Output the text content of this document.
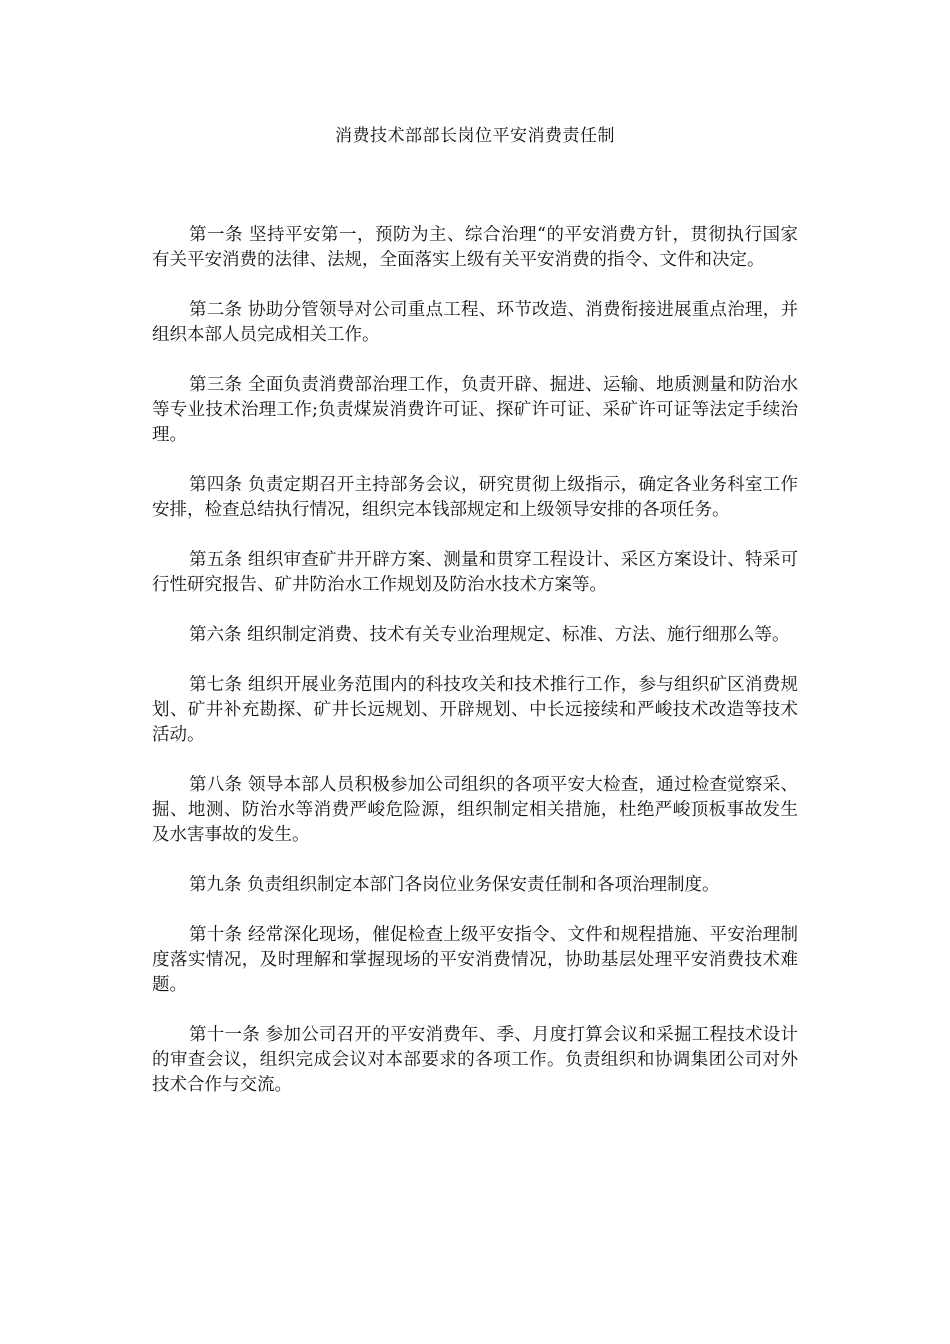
消费技术部部长岗位平安消费责任制

第一条 坚持平安第一，预防为主、综合治理“的平安消费方针，贯彻执行国家有关平安消费的法律、法规，全面落实上级有关平安消费的指令、文件和决定。

第二条 协助分管领导对公司重点工程、环节改造、消费衔接进展重点治理，并组织本部人员完成相关工作。

第三条 全面负责消费部治理工作，负责开辟、掘进、运输、地质测量和防治水等专业技术治理工作;负责煤炭消费许可证、探矿许可证、采矿许可证等法定手续治理。

第四条 负责定期召开主持部务会议，研究贯彻上级指示，确定各业务科室工作安排，检查总结执行情况，组织完本钱部规定和上级领导安排的各项任务。

第五条 组织审查矿井开辟方案、测量和贯穿工程设计、采区方案设计、特采可行性研究报告、矿井防治水工作规划及防治水技术方案等。

第六条 组织制定消费、技术有关专业治理规定、标准、方法、施行细那么等。

第七条 组织开展业务范围内的科技攻关和技术推行工作，参与组织矿区消费规划、矿井补充勘探、矿井长远规划、开辟规划、中长远接续和严峻技术改造等技术活动。

第八条 领导本部人员积极参加公司组织的各项平安大检查，通过检查觉察采、掘、地测、防治水等消费严峻危险源，组织制定相关措施，杜绝严峻顶板事故发生及水害事故的发生。

第九条 负责组织制定本部门各岗位业务保安责任制和各项治理制度。

第十条 经常深化现场，催促检查上级平安指令、文件和规程措施、平安治理制度落实情况，及时理解和掌握现场的平安消费情况，协助基层处理平安消费技术难题。

第十一条 参加公司召开的平安消费年、季、月度打算会议和采掘工程技术设计的审查会议，组织完成会议对本部要求的各项工作。负责组织和协调集团公司对外技术合作与交流。
